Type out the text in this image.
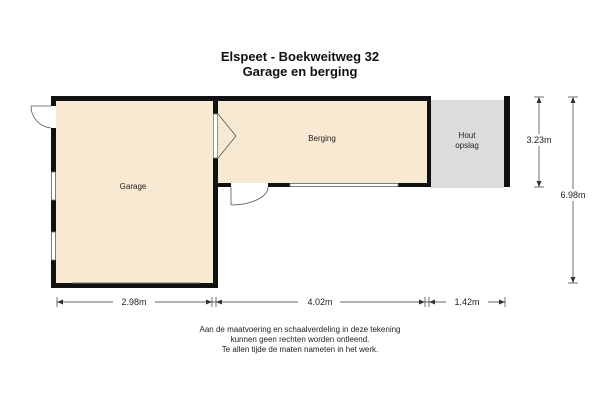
Elspeet - Boekweitweg 32
Garage en berging
Garage
Berging	Hout
opslag
2.98m	4.02m	1.42m
3.23m
6.98m
Aan de maatvoering en schaalverdeling in deze tekening
kunnen geen rechten worden ontleend.
Te allen tijde de maten nameten in het werk.
